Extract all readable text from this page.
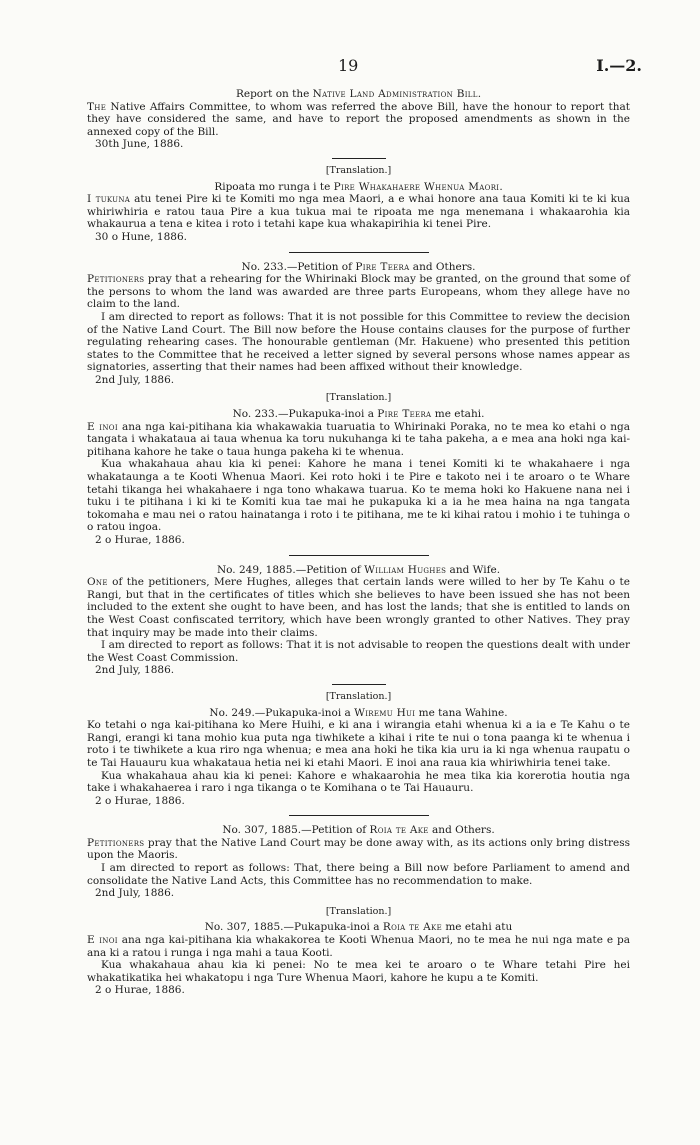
19	I.—2.

Report on the Native Land Administration Bill.

The Native Affairs Committee, to whom was referred the above Bill, have the honour to report that they have considered the same, and have to report the proposed amendments as shown in the annexed copy of the Bill.

30th June, 1886.

[Translation.]

Ripoata mo runga i te Pire Whakahaere Whenua Maori.

I tukuna atu tenei Pire ki te Komiti mo nga mea Maori, a e whai honore ana taua Komiti ki te ki kua whiriwhiria e ratou taua Pire a kua tukua mai te ripoata me nga menemana i whakaarohia kia whakaurua a tena e kitea i roto i tetahi kape kua whakapirihia ki tenei Pire.

30 o Hune, 1886.

No. 233.—Petition of Pire Teera and Others.

Petitioners pray that a rehearing for the Whirinaki Block may be granted, on the ground that some of the persons to whom the land was awarded are three parts Europeans, whom they allege have no claim to the land.

I am directed to report as follows: That it is not possible for this Committee to review the decision of the Native Land Court. The Bill now before the House contains clauses for the purpose of further regulating rehearing cases. The honourable gentleman (Mr. Hakuene) who presented this petition states to the Committee that he received a letter signed by several persons whose names appear as signatories, asserting that their names had been affixed without their knowledge.

2nd July, 1886.

[Translation.]

No. 233.—Pukapuka-inoi a Pire Teera me etahi.

E inoi ana nga kai-pitihana kia whakawakia tuaruatia to Whirinaki Poraka, no te mea ko etahi o nga tangata i whakataua ai taua whenua ka toru nukuhanga ki te taha pakeha, a e mea ana hoki nga kai-pitihana kahore he take o taua hunga pakeha ki te whenua.

Kua whakahaua ahau kia ki penei: Kahore he mana i tenei Komiti ki te whakahaere i nga whakataunga a te Kooti Whenua Maori. Kei roto hoki i te Pire e takoto nei i te aroaro o te Whare tetahi tikanga hei whakahaere i nga tono whakawa tuarua. Ko te mema hoki ko Hakuene nana nei i tuku i te pitihana i ki ki te Komiti kua tae mai he pukapuka ki a ia he mea haina na nga tangata tokomaha e mau nei o ratou hainatanga i roto i te pitihana, me te ki kihai ratou i mohio i te tuhinga o o ratou ingoa.

2 o Hurae, 1886.

No. 249, 1885.—Petition of William Hughes and Wife.

One of the petitioners, Mere Hughes, alleges that certain lands were willed to her by Te Kahu o te Rangi, but that in the certificates of titles which she believes to have been issued she has not been included to the extent she ought to have been, and has lost the lands; that she is entitled to lands on the West Coast confiscated territory, which have been wrongly granted to other Natives. They pray that inquiry may be made into their claims.

I am directed to report as follows: That it is not advisable to reopen the questions dealt with under the West Coast Commission.

2nd July, 1886.

[Translation.]

No. 249.—Pukapuka-inoi a Wiremu Hui me tana Wahine.

Ko tetahi o nga kai-pitihana ko Mere Huihi, e ki ana i wirangia etahi whenua ki a ia e Te Kahu o te Rangi, erangi ki tana mohio kua puta nga tiwhikete a kihai i rite te nui o tona paanga ki te whenua i roto i te tiwhikete a kua riro nga whenua; e mea ana hoki he tika kia uru ia ki nga whenua raupatu o te Tai Hauauru kua whakataua hetia nei ki etahi Maori. E inoi ana raua kia whiriwhiria tenei take.

Kua whakahaua ahau kia ki penei: Kahore e whakaarohia he mea tika kia korerotia houtia nga take i whakahaerea i raro i nga tikanga o te Komihana o te Tai Hauauru.

2 o Hurae, 1886.

No. 307, 1885.—Petition of Roia te Ake and Others.

Petitioners pray that the Native Land Court may be done away with, as its actions only bring distress upon the Maoris.

I am directed to report as follows: That, there being a Bill now before Parliament to amend and consolidate the Native Land Acts, this Committee has no recommendation to make.

2nd July, 1886.

[Translation.]

No. 307, 1885.—Pukapuka-inoi a Roia te Ake me etahi atu

E inoi ana nga kai-pitihana kia whakakorea te Kooti Whenua Maori, no te mea he nui nga mate e pa ana ki a ratou i runga i nga mahi a taua Kooti.

Kua whakahaua ahau kia ki penei: No te mea kei te aroaro o te Whare tetahi Pire hei whakatikatika hei whakatopu i nga Ture Whenua Maori, kahore he kupu a te Komiti.

2 o Hurae, 1886.
